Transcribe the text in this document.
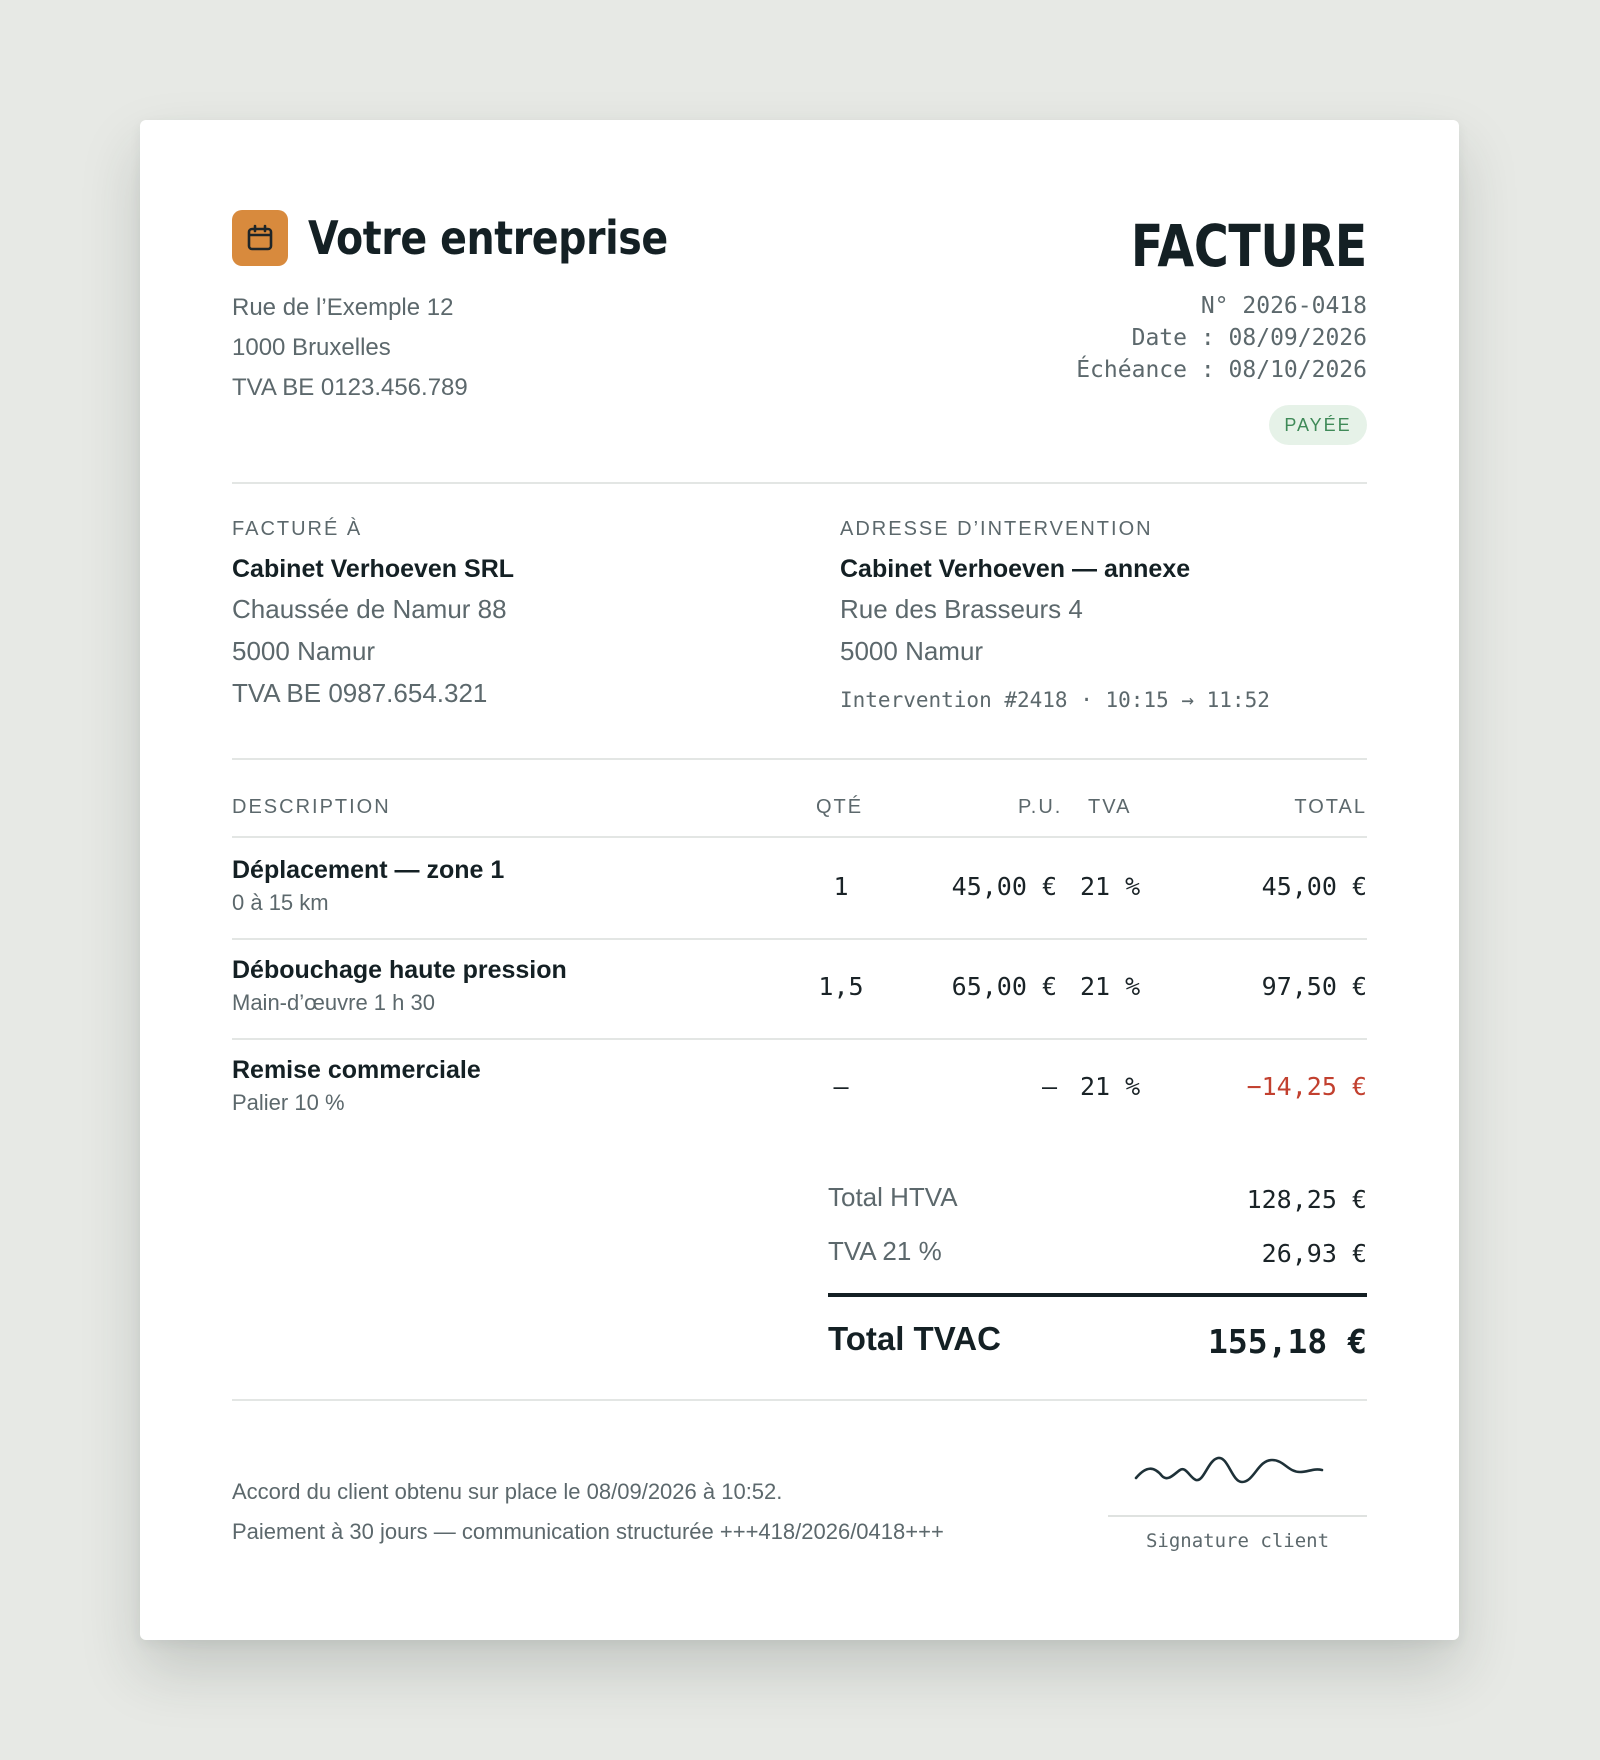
Votre entreprise
Rue de l’Exemple 12
1000 Bruxelles
TVA BE 0123.456.789
FACTURE
N° 2026-0418
Date : 08/09/2026
Échéance : 08/10/2026
PAYÉE
FACTURÉ À
Cabinet Verhoeven SRL
Chaussée de Namur 88
5000 Namur
TVA BE 0987.654.321
ADRESSE D’INTERVENTION
Cabinet Verhoeven — annexe
Rue des Brasseurs 4
5000 Namur
Intervention #2418 · 10:15 → 11:52
DESCRIPTION	QTÉ	P.U. TVA	TOTAL
Déplacement — zone 1
0 à 15 km
1	45,00 € 21 %	45,00 €
Débouchage haute pression
Main-d’œuvre 1 h 30
1,5	65,00 € 21 %	97,50 €
Remise commerciale
Palier 10 %
–	– 21 %	−14,25 €
Total HTVA	128,25 €
TVA 21 %	26,93 €
Total TVAC	155,18 €
Accord du client obtenu sur place le 08/09/2026 à 10:52.
Paiement à 30 jours — communication structurée +++418/2026/0418+++	Signature client
